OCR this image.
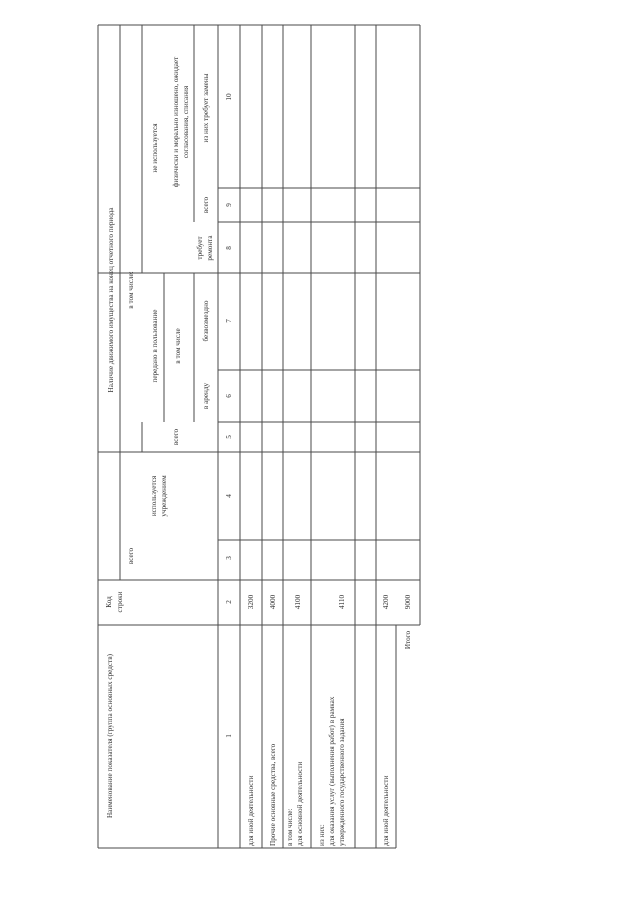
Наименование показателя (группа основных средств)
Код строки
Наличие движимого имущества на конец отчетного периода
всего
в том числе:
используется учреждением
передано в пользование
всего
в том числе
в аренду
безвозмездно
не используется
требует ремонта
физически и морально изношено, ожидает согласования, списания
всего
из них требует замены
1
2
3
4
5
6
7
8
9
10
для иной деятельности
3200
Прочие основные средства, всего
4000
в том числе: для основной деятельности
4100
из них: для оказания услуг (выполнения работ) в рамках утвержденного государственного задания
4110
для иной деятельности
4200
Итого
9000
